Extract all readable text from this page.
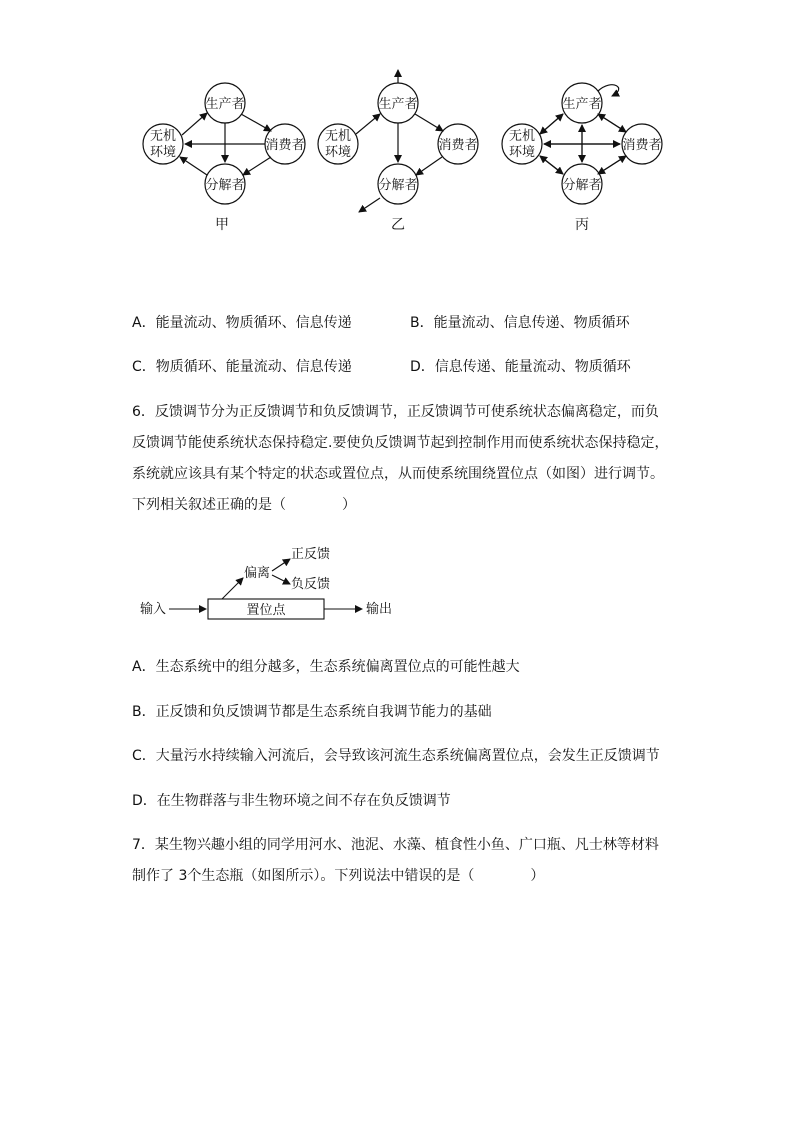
生产者
无机
环境	消费者
分解者
生产者
无机
环境	消费者
分解者
生产者
无机
环境	消费者
分解者
甲	乙	丙
A．能量流动、物质循环、信息传递	B．能量流动、信息传递、物质循环
C．物质循环、能量流动、信息传递	D．信息传递、能量流动、物质循环
6．反馈调节分为正反馈调节和负反馈调节，正反馈调节可使系统状态偏离稳定，而负
反馈调节能使系统状态保持稳定.要使负反馈调节起到控制作用而使系统状态保持稳定，
系统就应该具有某个特定的状态或置位点，从而使系统围绕置位点（如图）进行调节。
下列相关叙述正确的是（　　　　）
输入	置位点	输出
偏离
正反馈
负反馈
A．生态系统中的组分越多，生态系统偏离置位点的可能性越大
B．正反馈和负反馈调节都是生态系统自我调节能力的基础
C．大量污水持续输入河流后，会导致该河流生态系统偏离置位点，会发生正反馈调节
D．在生物群落与非生物环境之间不存在负反馈调节
7．某生物兴趣小组的同学用河水、池泥、水藻、植食性小鱼、广口瓶、凡士林等材料
制作了 3个生态瓶（如图所示）。下列说法中错误的是（　　　　）
